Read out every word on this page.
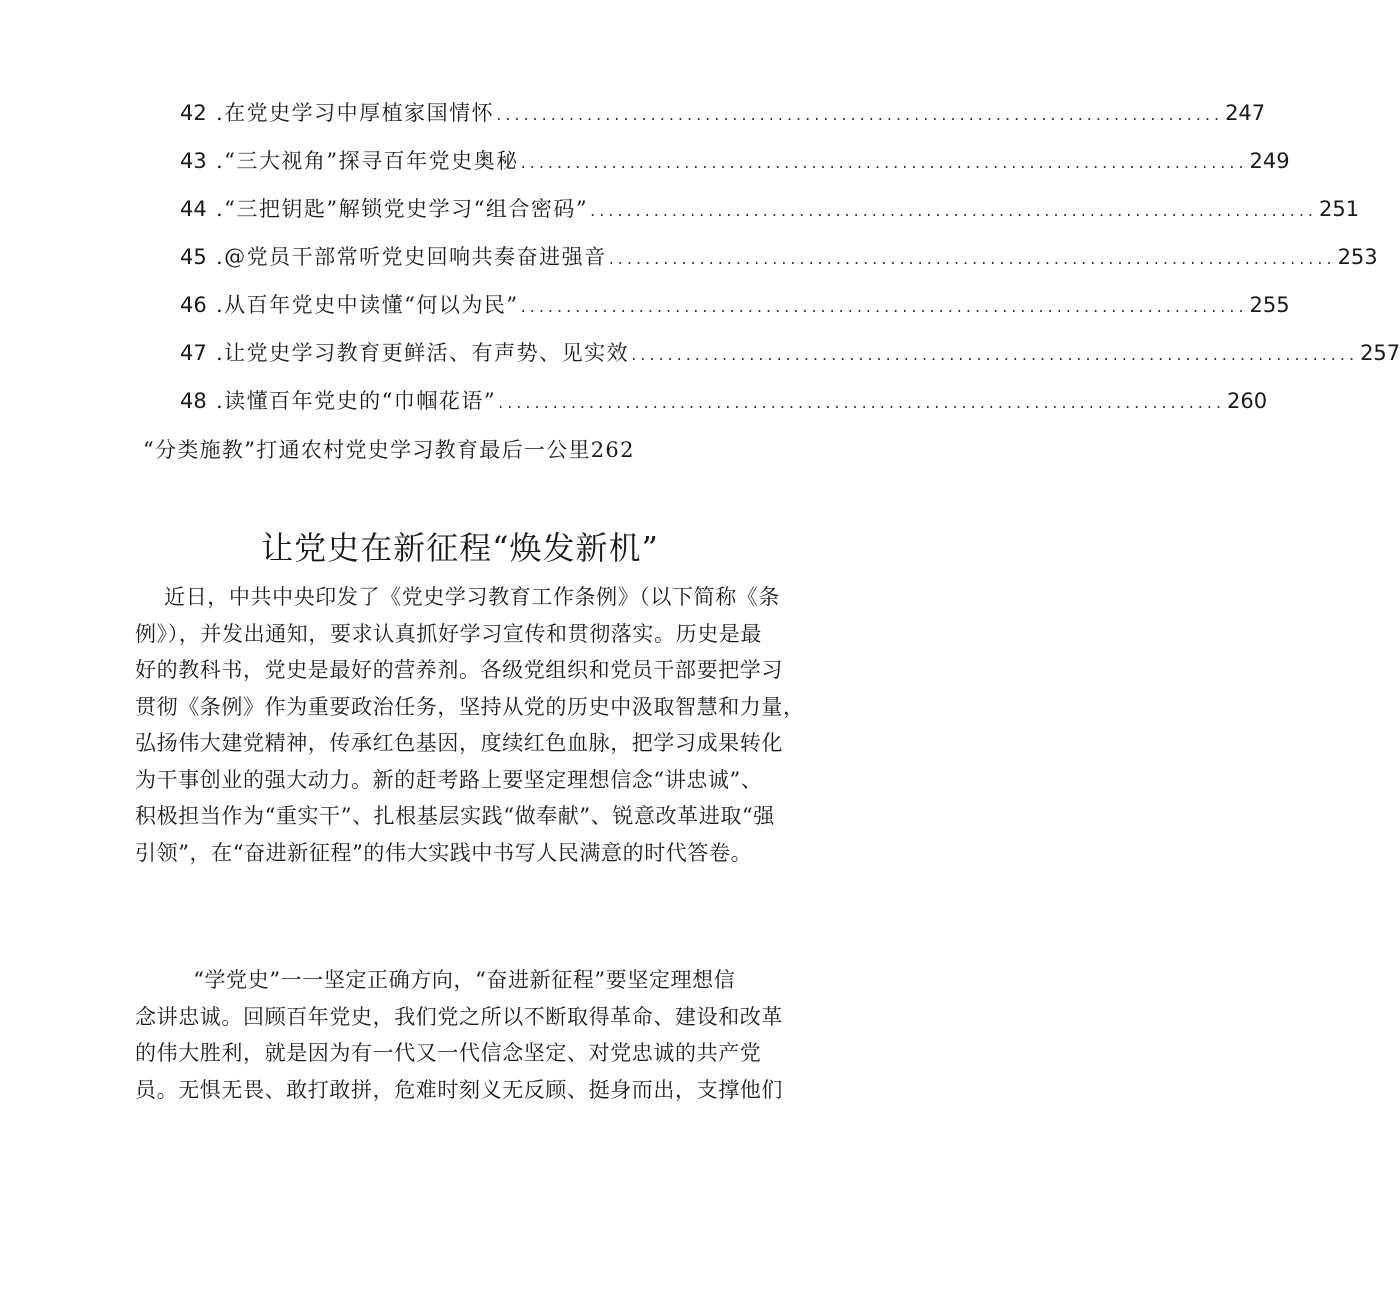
42 .在党史学习中厚植家国情怀 .....	247
43 .“三大视角”探寻百年党史奥秘 .....	249
44 .“三把钥匙”解锁党史学习“组合密码” .....	251
45 .@党员干部常听党史回响共奏奋进强音 .....	253
46 .从百年党史中读懂“何以为民” .....	255
47 .让党史学习教育更鲜活、有声势、见实效 .....	257
48 .读懂百年党史的“巾帼花语” .....	260
“分类施教”打通农村党史学习教育最后一公里262
让党史在新征程“焕发新机”
近日，中共中央印发了《党史学习教育工作条例》（以下简称《条
例》），并发出通知，要求认真抓好学习宣传和贯彻落实。历史是最
好的教科书，党史是最好的营养剂。各级党组织和党员干部要把学习
贯彻《条例》作为重要政治任务，坚持从党的历史中汲取智慧和力量，
弘扬伟大建党精神，传承红色基因，度续红色血脉，把学习成果转化
为干事创业的强大动力。新的赶考路上要坚定理想信念“讲忠诚”、
积极担当作为“重实干”、扎根基层实践“做奉献”、锐意改革进取“强
引领”，在“奋进新征程”的伟大实践中书写人民满意的时代答卷。
“学党史”一一坚定正确方向，“奋进新征程”要坚定理想信
念讲忠诚。回顾百年党史，我们党之所以不断取得革命、建设和改革
的伟大胜利，就是因为有一代又一代信念坚定、对党忠诚的共产党
员。无惧无畏、敢打敢拼，危难时刻义无反顾、挺身而出，支撑他们
